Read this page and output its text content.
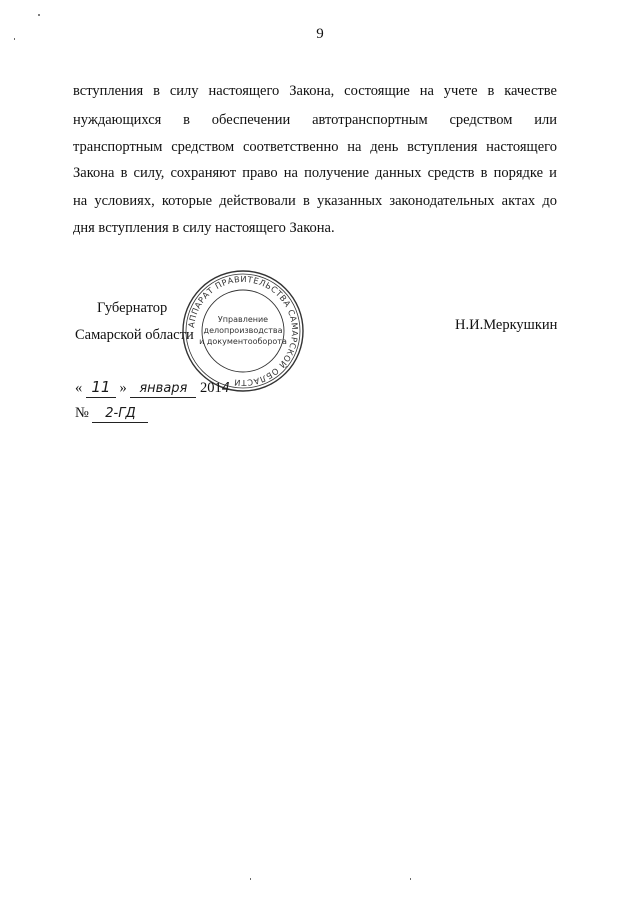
9
вступления в силу настоящего Закона, состоящие на учете в качестве
нуждающихся в обеспечении автотранспортным средством или
транспортным средством соответственно на день вступления настоящего
Закона в силу, сохраняют право на получение данных средств в порядке и
на условиях, которые действовали в указанных законодательных актах до
дня вступления в силу настоящего Закона.
Губернатор
Самарской области
Н.И.Меркушкин
АППАРАТ ПРАВИТЕЛЬСТВА САМАРСКОЙ ОБЛАСТИ
Управление
делопроизводства
и документооборота
« 11 » января 2014
№ 2-ГД
